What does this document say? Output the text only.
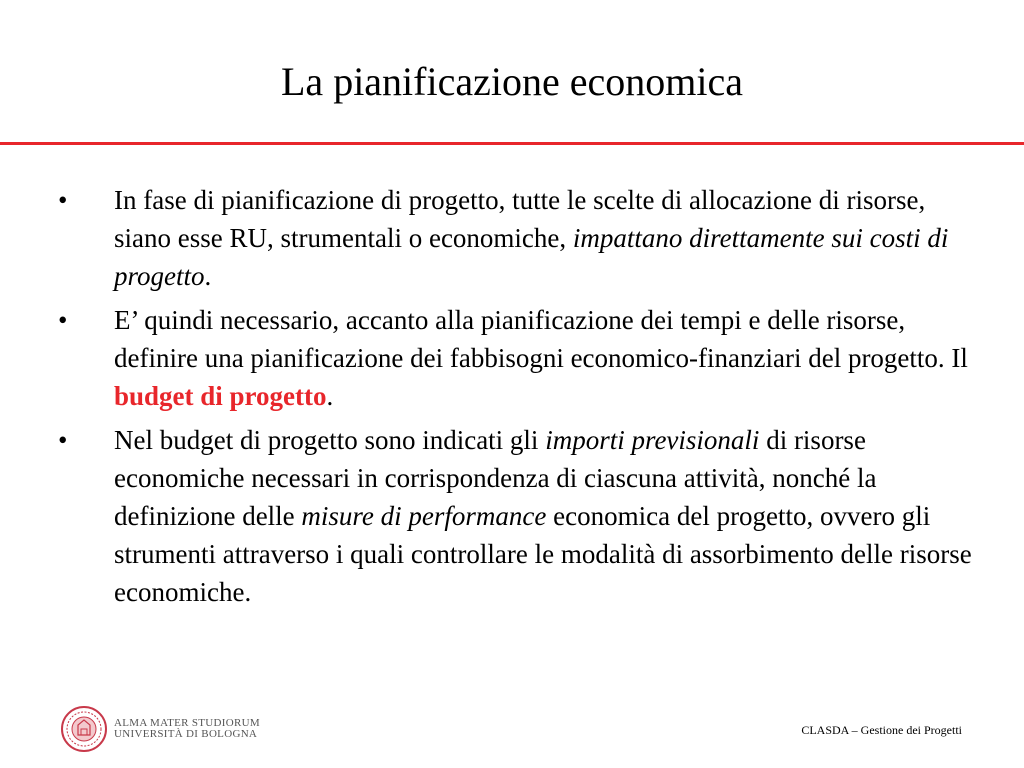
La pianificazione economica
• In fase di pianificazione di progetto, tutte le scelte di allocazione di risorse, siano esse RU, strumentali o economiche, impattano direttamente sui costi di progetto.
• E’ quindi necessario, accanto alla pianificazione dei tempi e delle risorse, definire una pianificazione dei fabbisogni economico-finanziari del progetto. Il budget di progetto.
• Nel budget di progetto sono indicati gli importi previsionali di risorse economiche necessari in corrispondenza di ciascuna attività, nonché la definizione delle misure di performance economica del progetto, ovvero gli strumenti attraverso i quali controllare le modalità di assorbimento delle risorse economiche.
ALMA MATER STUDIORUM
UNIVERSITÀ DI BOLOGNA	CLASDA – Gestione dei Progetti
